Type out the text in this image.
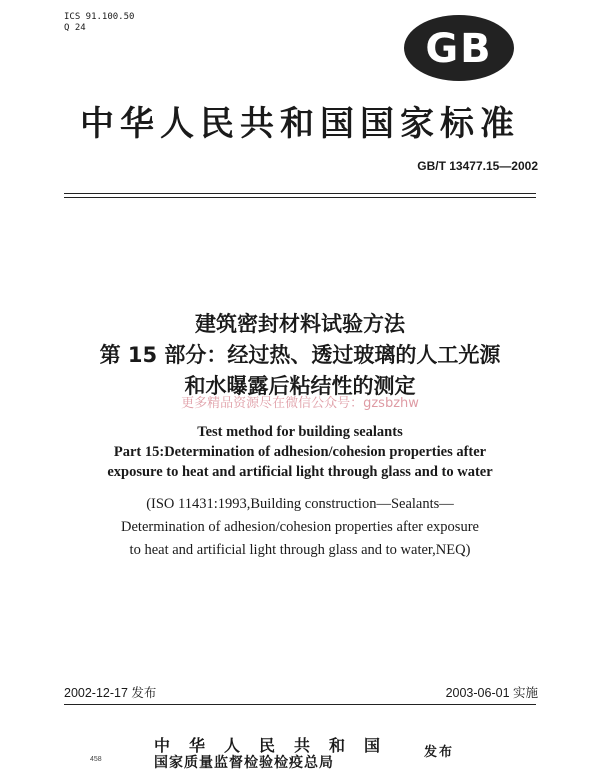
ICS 91.100.50
Q 24	GB
中华人民共和国国家标准
GB/T 13477.15—2002
建筑密封材料试验方法
第 15 部分：经过热、透过玻璃的人工光源
和水曝露后粘结性的测定
更多精品资源尽在微信公众号：gzsbzhw
Test method for building sealants
Part 15:Determination of adhesion/cohesion properties after
exposure to heat and artificial light through glass and to water
(ISO 11431:1993,Building construction—Sealants—
Determination of adhesion/cohesion properties after exposure
to heat and artificial light through glass and to water,NEQ)
2002-12-17 发布	2003-06-01 实施
中华人民共和国
国家质量监督检验检疫总局
发布
458
